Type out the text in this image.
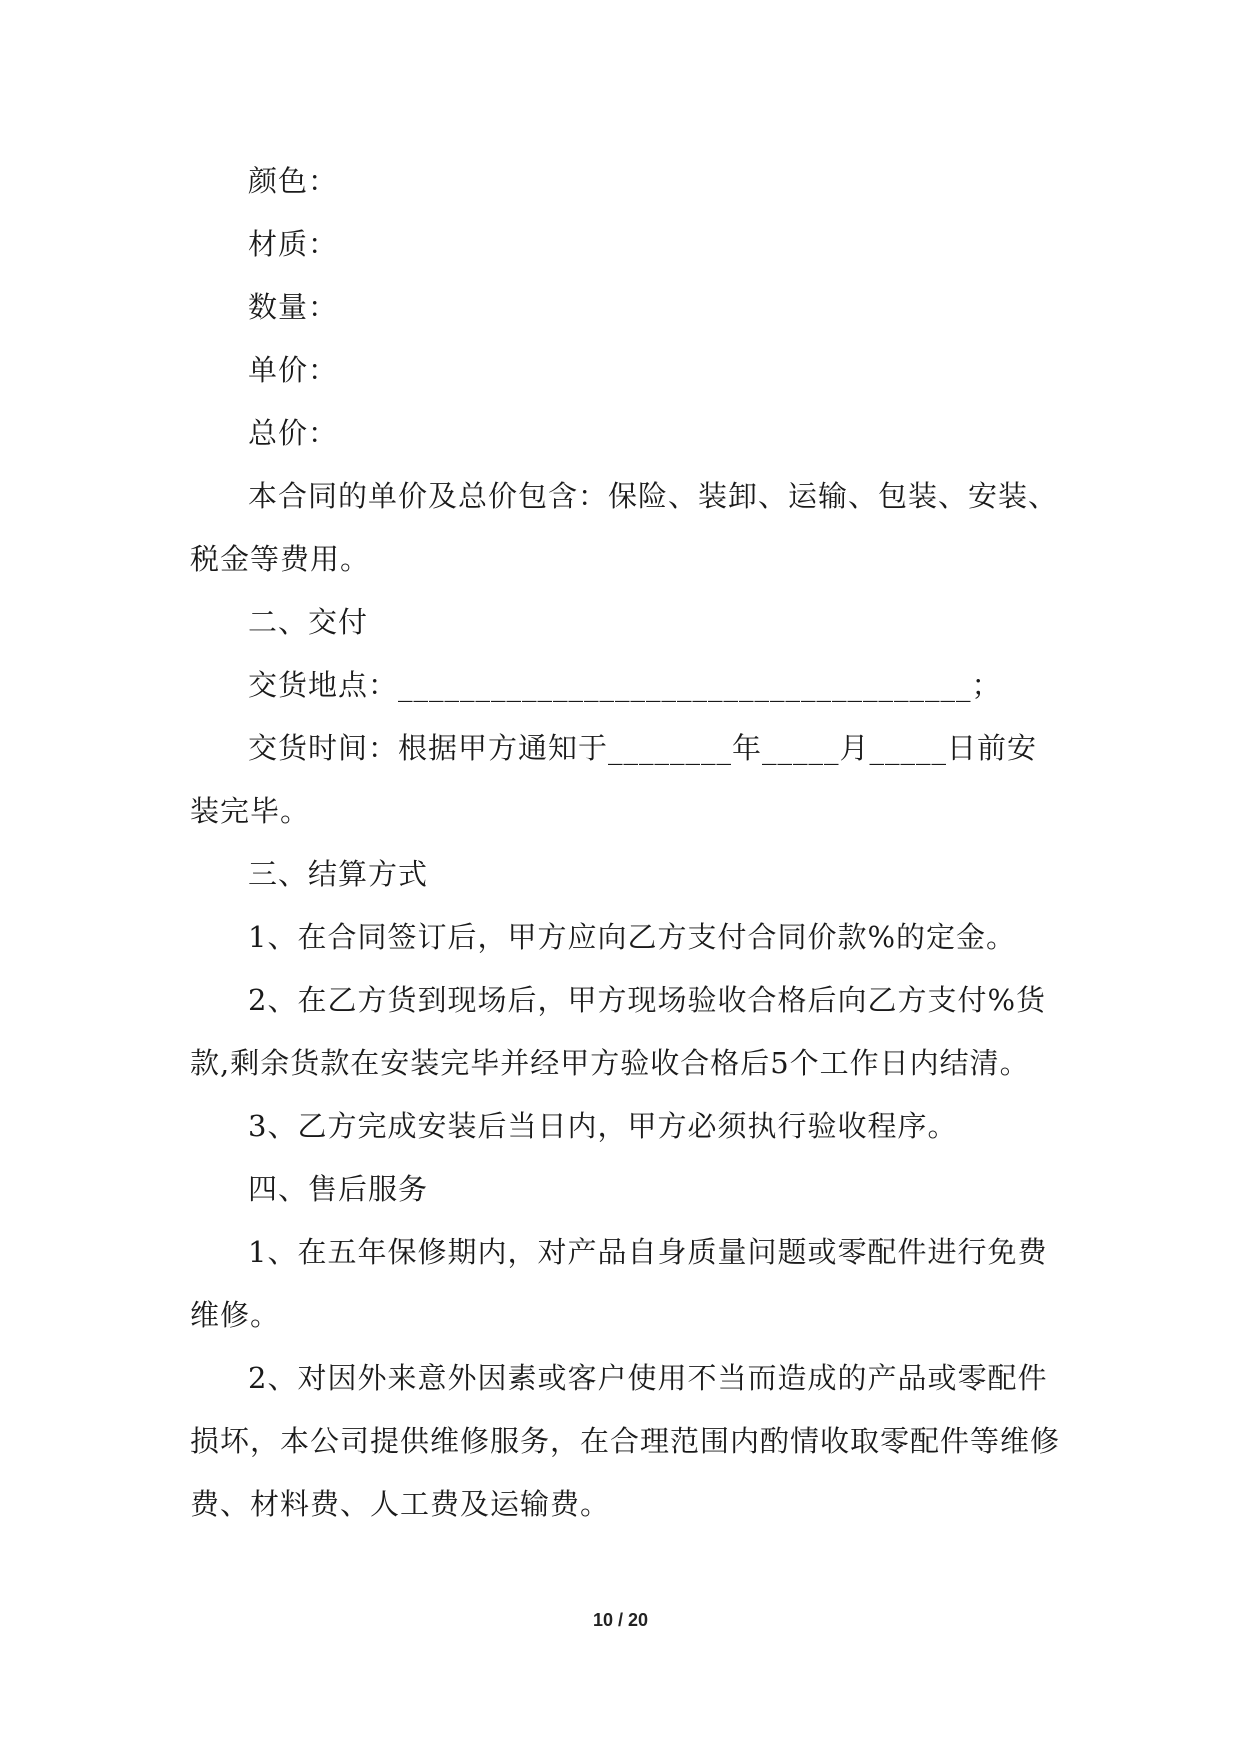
颜色：

材质：

数量：

单价：

总价：

本合同的单价及总价包含：保险、装卸、运输、包装、安装、税金等费用。

二、交付

交货地点：_____________________________________；

交货时间：根据甲方通知于________年_____月_____日前安装完毕。

三、结算方式

1、在合同签订后，甲方应向乙方支付合同价款%的定金。

2、在乙方货到现场后，甲方现场验收合格后向乙方支付%货款,剩余货款在安装完毕并经甲方验收合格后5个工作日内结清。

3、乙方完成安装后当日内，甲方必须执行验收程序。

四、售后服务

1、在五年保修期内，对产品自身质量问题或零配件进行免费维修。

2、对因外来意外因素或客户使用不当而造成的产品或零配件损坏，本公司提供维修服务，在合理范围内酌情收取零配件等维修费、材料费、人工费及运输费。

10 / 20
